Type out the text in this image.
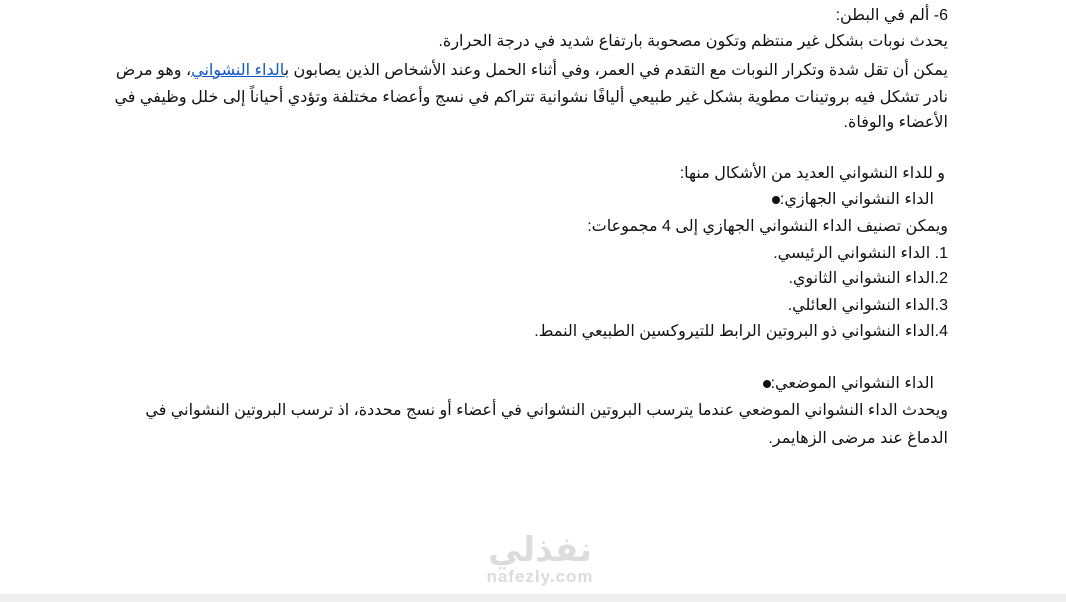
6- ألم في البطن:
يحدث نوبات بشكل غير منتظم وتكون مصحوبة بارتفاع شديد في درجة الحرارة.
يمكن أن تقل شدة وتكرار النوبات مع التقدم في العمر، وفي أثناء الحمل وعند الأشخاص الذين يصابون بالداء النشواني، وهو مرض
نادر تشكل فيه بروتينات مطوية بشكل غير طبيعي أليافًا نشوانية تتراكم في نسج وأعضاء مختلفة وتؤدي أحياناً إلى خلل وظيفي في
الأعضاء والوفاة.
و للداء النشواني العديد من الأشكال منها:
الداء النشواني الجهازي:
ويمكن تصنيف الداء النشواني الجهازي إلى 4 مجموعات:
1. الداء النشواني الرئيسي.
2.الداء النشواني الثانوي.
3.الداء النشواني العائلي.
4.الداء النشواني ذو البروتين الرابط للتيروكسين الطبيعي النمط.
الداء النشواني الموضعي:
ويحدث الداء النشواني الموضعي عندما يترسب البروتين النشواني في أعضاء أو نسج محددة، اذ ترسب البروتين النشواني في
الدماغ عند مرضى الزهايمر.
نفذلي
nafezly.com
